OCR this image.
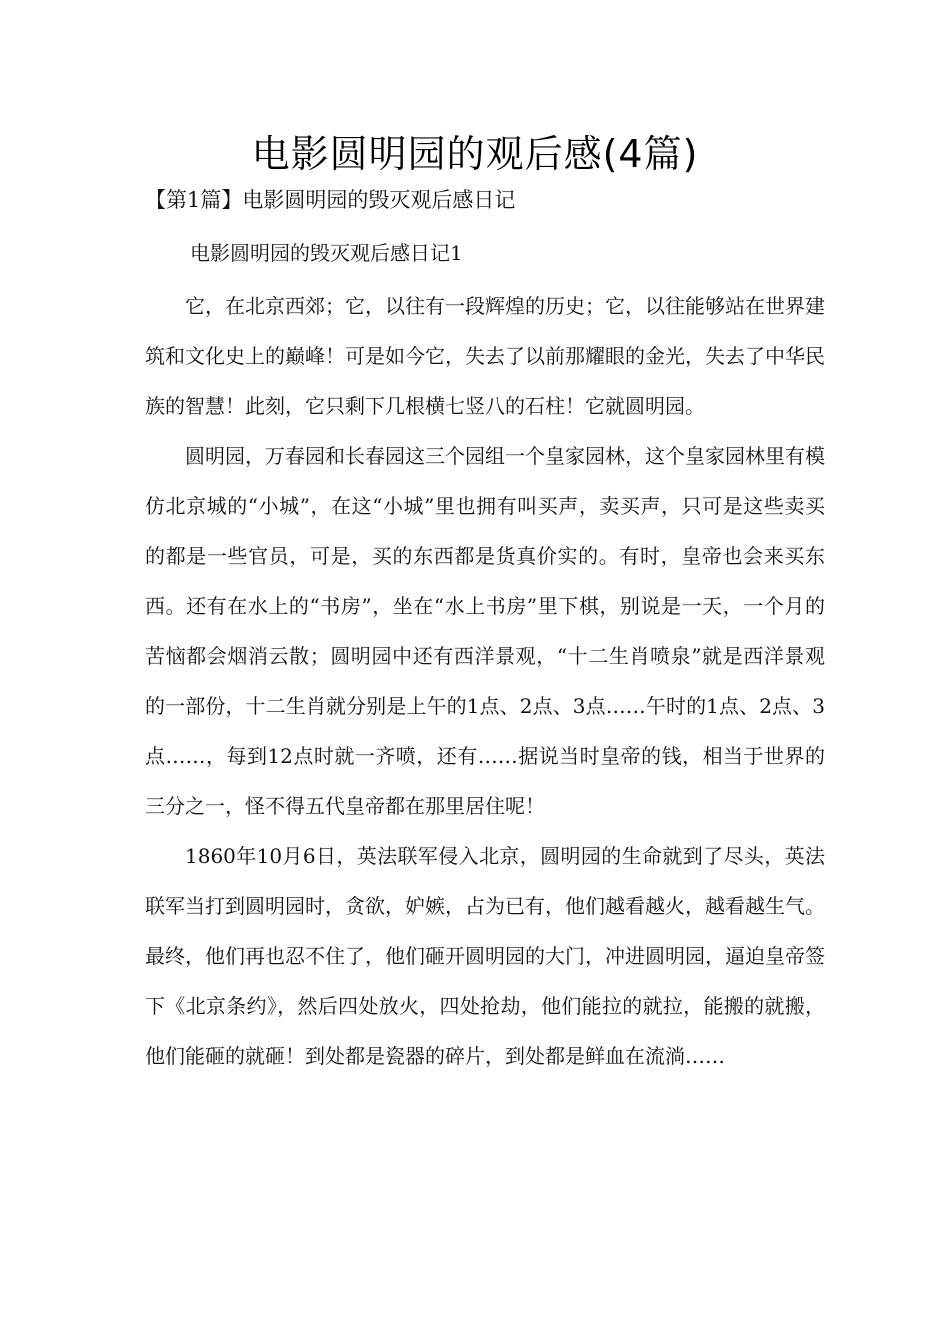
电影圆明园的观后感(4篇)
【第1篇】电影圆明园的毁灭观后感日记
电影圆明园的毁灭观后感日记1

它，在北京西郊；它，以往有一段辉煌的历史；它，以往能够站在世界建筑和文化史上的巅峰！可是如今它，失去了以前那耀眼的金光，失去了中华民族的智慧！此刻，它只剩下几根横七竖八的石柱！它就圆明园。

圆明园，万春园和长春园这三个园组一个皇家园林，这个皇家园林里有模仿北京城的“小城”，在这“小城”里也拥有叫买声，卖买声，只可是这些卖买的都是一些官员，可是，买的东西都是货真价实的。有时，皇帝也会来买东西。还有在水上的“书房”，坐在“水上书房”里下棋，别说是一天，一个月的苦恼都会烟消云散；圆明园中还有西洋景观，“十二生肖喷泉”就是西洋景观的一部份，十二生肖就分别是上午的1点、2点、3点……午时的1点、2点、3点……，每到12点时就一齐喷，还有……据说当时皇帝的钱，相当于世界的三分之一，怪不得五代皇帝都在那里居住呢！

1860年10月6日，英法联军侵入北京，圆明园的生命就到了尽头，英法联军当打到圆明园时，贪欲，妒嫉，占为已有，他们越看越火，越看越生气。最终，他们再也忍不住了，他们砸开圆明园的大门，冲进圆明园，逼迫皇帝签下《北京条约》，然后四处放火，四处抢劫，他们能拉的就拉，能搬的就搬，他们能砸的就砸！到处都是瓷器的碎片，到处都是鲜血在流淌……
